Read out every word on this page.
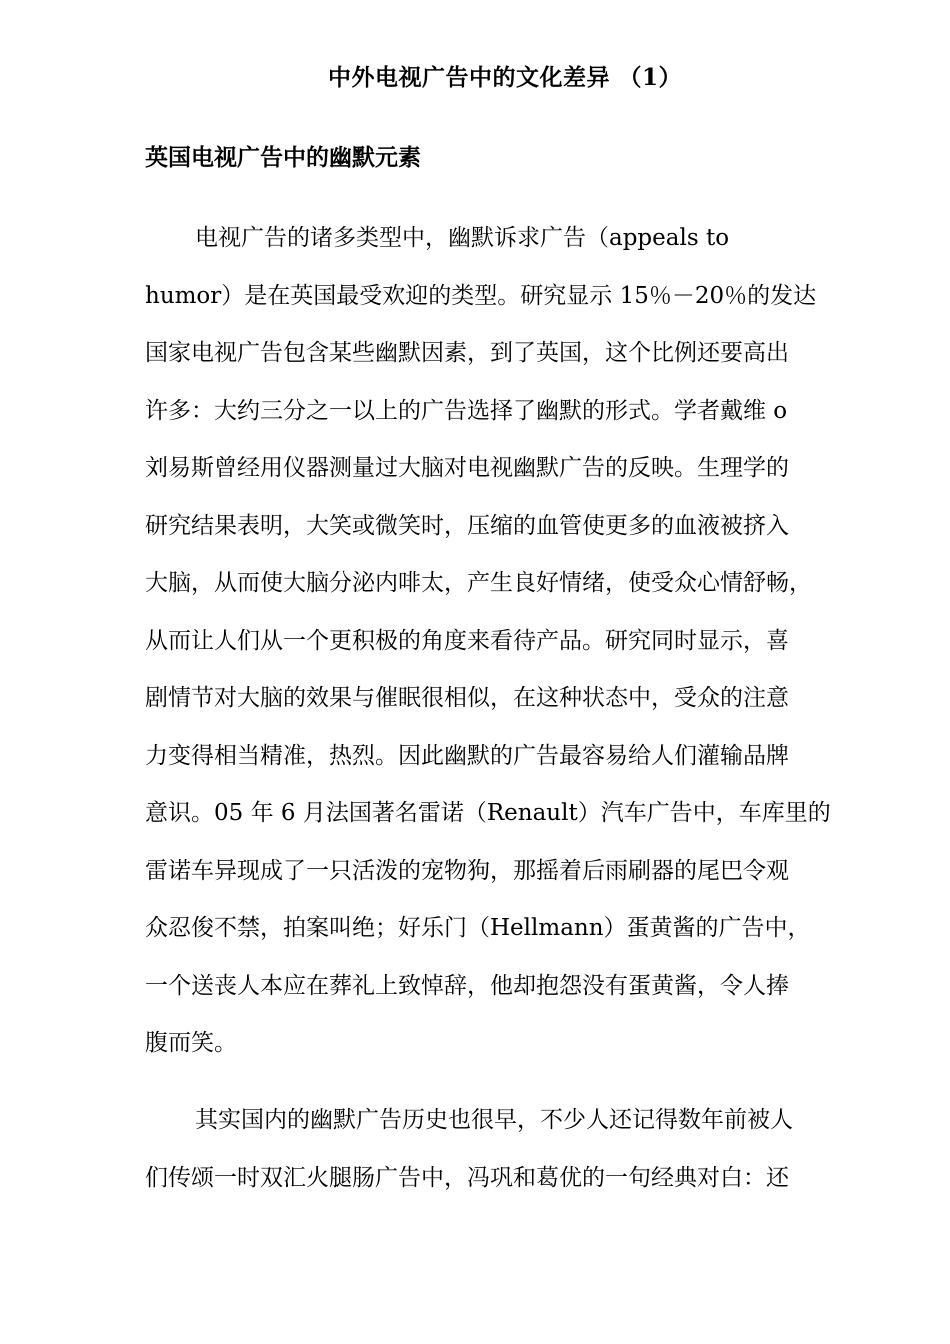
中外电视广告中的文化差异 （1）
英国电视广告中的幽默元素
电视广告的诸多类型中，幽默诉求广告（appeals to
humor）是在英国最受欢迎的类型。研究显示 15％－20％的发达
国家电视广告包含某些幽默因素，到了英国，这个比例还要高出
许多：大约三分之一以上的广告选择了幽默的形式。学者戴维 o
刘易斯曾经用仪器测量过大脑对电视幽默广告的反映。生理学的
研究结果表明，大笑或微笑时，压缩的血管使更多的血液被挤入
大脑，从而使大脑分泌内啡太，产生良好情绪，使受众心情舒畅，
从而让人们从一个更积极的角度来看待产品。研究同时显示，喜
剧情节对大脑的效果与催眠很相似，在这种状态中，受众的注意
力变得相当精准，热烈。因此幽默的广告最容易给人们灌输品牌
意识。05 年 6 月法国著名雷诺（Renault）汽车广告中，车库里的
雷诺车异现成了一只活泼的宠物狗，那摇着后雨刷器的尾巴令观
众忍俊不禁，拍案叫绝；好乐门（Hellmann）蛋黄酱的广告中，
一个送丧人本应在葬礼上致悼辞，他却抱怨没有蛋黄酱，令人捧
腹而笑。
其实国内的幽默广告历史也很早，不少人还记得数年前被人
们传颂一时双汇火腿肠广告中，冯巩和葛优的一句经典对白：还
